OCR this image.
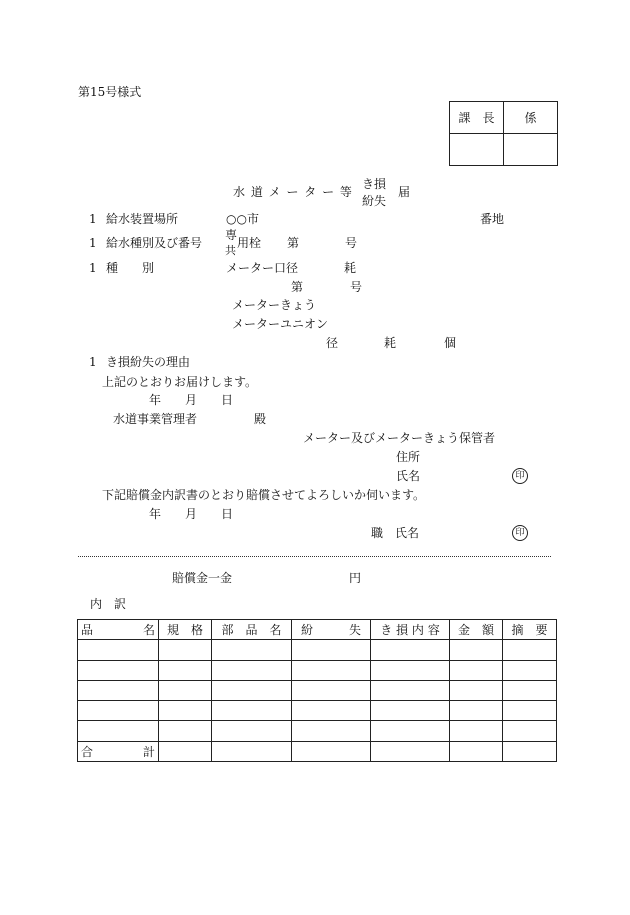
第15号様式
課　長	係

水 道 メ ー タ ー 等
き損
紛失
届
1 給水装置場所	○○市	番地
1 給水種別及び番号
専
共
用栓 第	号
1 種　　別	メーター口径	耗
第	号
メーターきょう
メーターユニオン
径	耗	個
1 き損紛失の理由
上記のとおりお届けします。
年 月 日
水道事業管理者	殿
メーター及びメーターきょう保管者
住所
氏名	印
下記賠償金内訳書のとおり賠償させてよろしいか伺います。
年 月 日
職　氏名	印
賠償金一金	円
内　訳
品 名	規　格	部　品　名	紛　　　失	き 損 内 容	金　額	摘　要

合 計						
